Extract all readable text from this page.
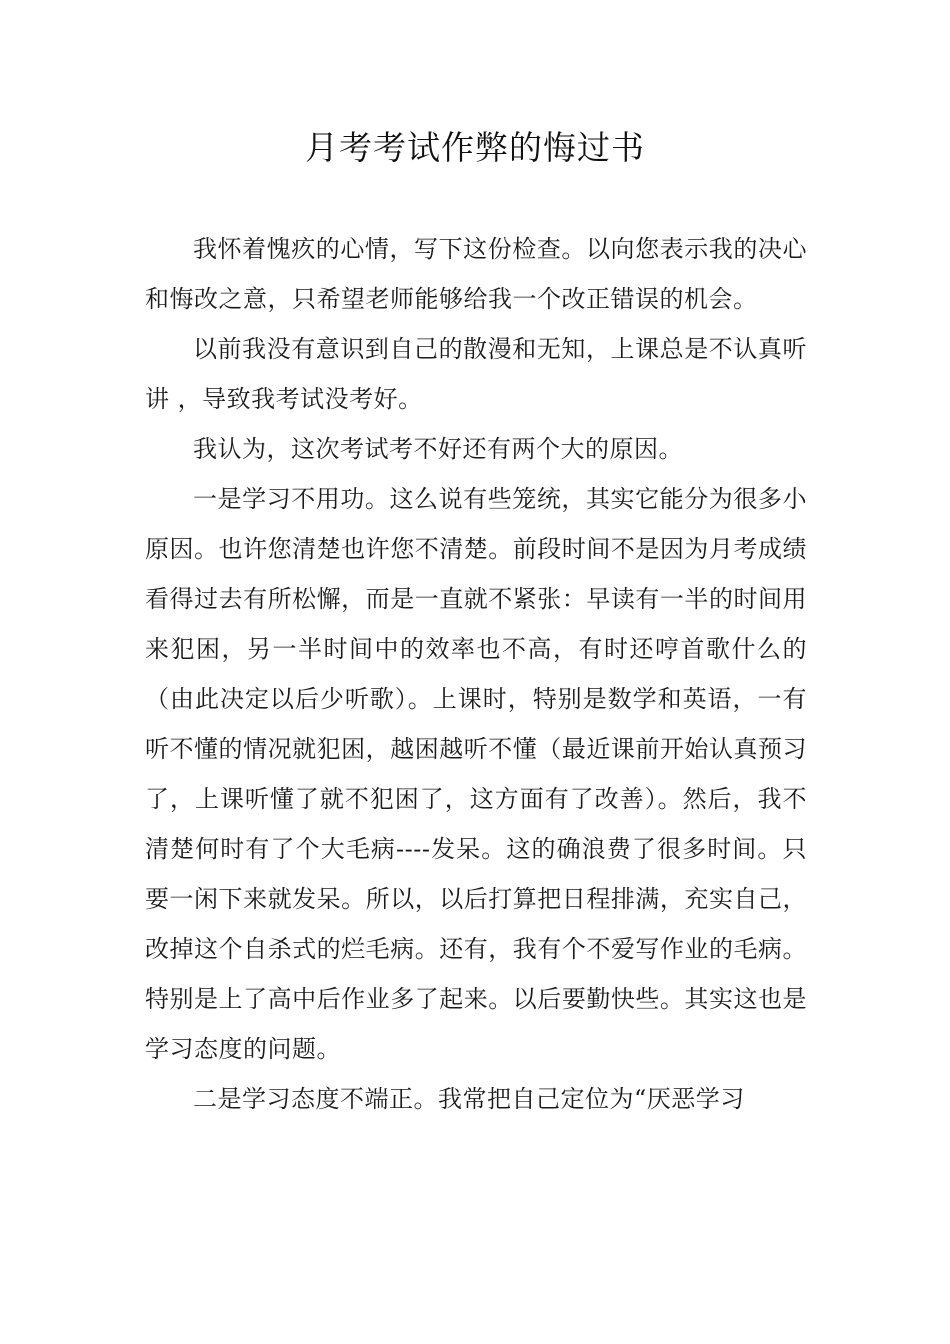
月考考试作弊的悔过书

我怀着愧疚的心情，写下这份检查。以向您表示我的决心和悔改之意，只希望老师能够给我一个改正错误的机会。

以前我没有意识到自己的散漫和无知，上课总是不认真听讲 ，导致我考试没考好。

我认为，这次考试考不好还有两个大的原因。

一是学习不用功。这么说有些笼统，其实它能分为很多小原因。也许您清楚也许您不清楚。前段时间不是因为月考成绩看得过去有所松懈，而是一直就不紧张：早读有一半的时间用来犯困，另一半时间中的效率也不高，有时还哼首歌什么的（由此决定以后少听歌）。上课时，特别是数学和英语，一有听不懂的情况就犯困，越困越听不懂（最近课前开始认真预习了，上课听懂了就不犯困了，这方面有了改善）。然后，我不清楚何时有了个大毛病----发呆。这的确浪费了很多时间。只要一闲下来就发呆。所以，以后打算把日程排满，充实自己，改掉这个自杀式的烂毛病。还有，我有个不爱写作业的毛病。特别是上了高中后作业多了起来。以后要勤快些。其实这也是学习态度的问题。

二是学习态度不端正。我常把自己定位为“厌恶学习
